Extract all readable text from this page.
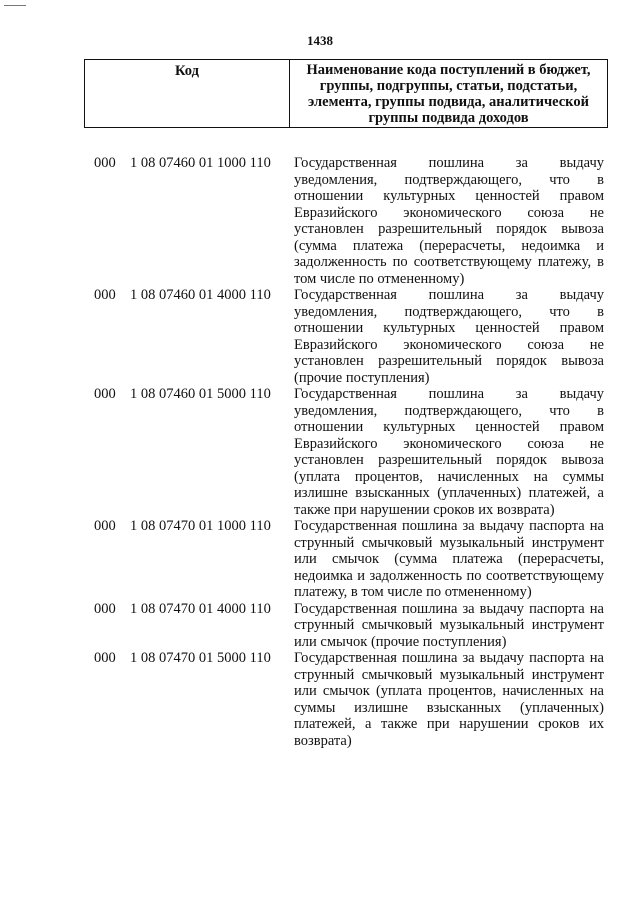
1438
Код	Наименование кода поступлений в бюджет, группы, подгруппы, статьи, подстатьи, элемента, группы подвида, аналитической группы подвида доходов
000 1 08 07460 01 1000 110	Государственная пошлина за выдачу уведомления, подтверждающего, что в отношении культурных ценностей правом Евразийского экономического союза не установлен разрешительный порядок вывоза (сумма платежа (перерасчеты, недоимка и задолженность по соответствующему платежу, в том числе по отмененному)
000 1 08 07460 01 4000 110	Государственная пошлина за выдачу уведомления, подтверждающего, что в отношении культурных ценностей правом Евразийского экономического союза не установлен разрешительный порядок вывоза (прочие поступления)
000 1 08 07460 01 5000 110	Государственная пошлина за выдачу уведомления, подтверждающего, что в отношении культурных ценностей правом Евразийского экономического союза не установлен разрешительный порядок вывоза (уплата процентов, начисленных на суммы излишне взысканных (уплаченных) платежей, а также при нарушении сроков их возврата)
000 1 08 07470 01 1000 110	Государственная пошлина за выдачу паспорта на струнный смычковый музыкальный инструмент или смычок (сумма платежа (перерасчеты, недоимка и задолженность по соответствующему платежу, в том числе по отмененному)
000 1 08 07470 01 4000 110	Государственная пошлина за выдачу паспорта на струнный смычковый музыкальный инструмент или смычок (прочие поступления)
000 1 08 07470 01 5000 110	Государственная пошлина за выдачу паспорта на струнный смычковый музыкальный инструмент или смычок (уплата процентов, начисленных на суммы излишне взысканных (уплаченных) платежей, а также при нарушении сроков их возврата)
